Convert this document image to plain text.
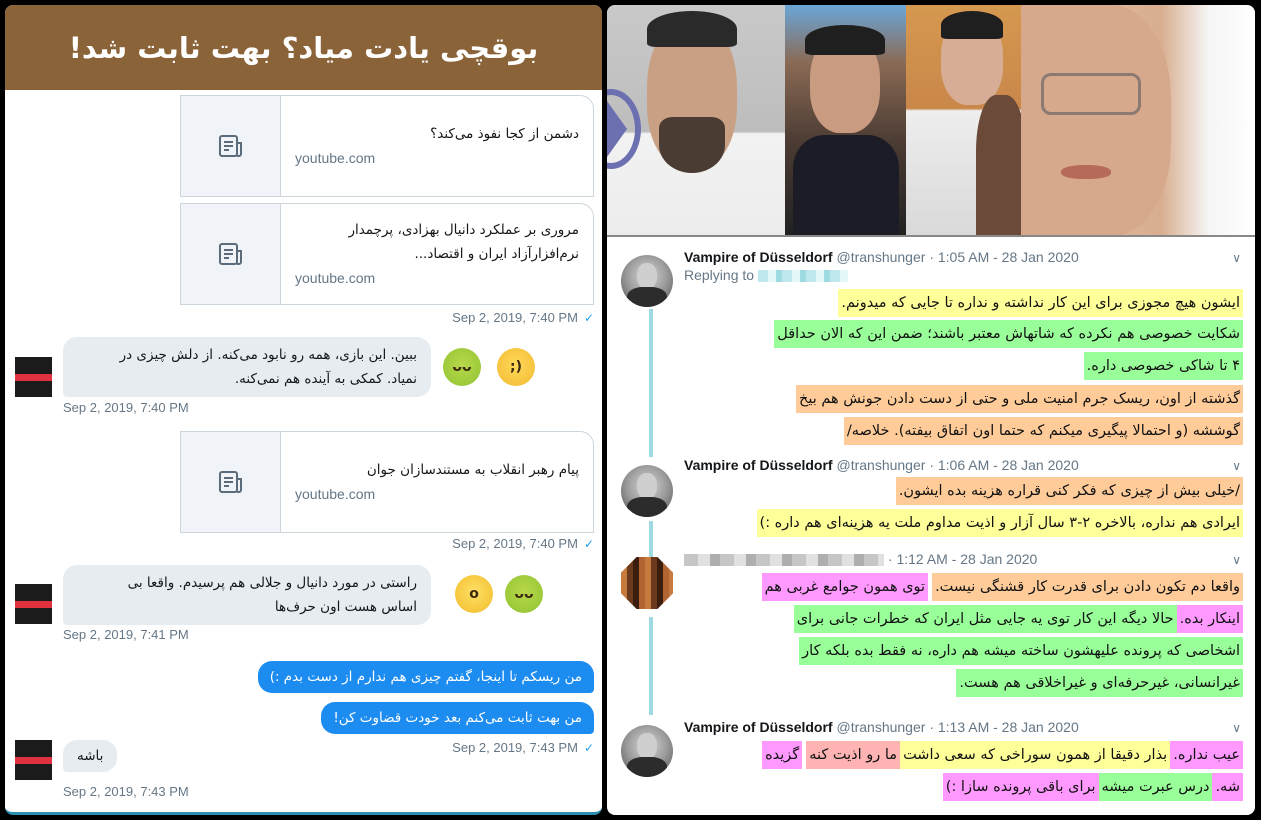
بوقچی یادت میاد؟ بهت ثابت شد!
دشمن از کجا نفوذ می‌کند؟
youtube.com
مروری بر عملکرد دانیال بهزادی، پرچمدار
نرم‌افزارآزاد ایران و اقتصاد...
youtube.com
Sep 2, 2019, 7:40 PM ✓
ببین. این بازی، همه رو نابود می‌کنه. از دلش چیزی در
نمیاد. کمکی به آینده هم نمی‌کنه.
ᴗᴗ	;)
Sep 2, 2019, 7:40 PM
پیام رهبر انقلاب به مستندسازان جوان
youtube.com
Sep 2, 2019, 7:40 PM ✓
راستی در مورد دانیال و جلالی هم پرسیدم. واقعا بی
اساس هست اون حرف‌ها
o	ᴗᴗ
Sep 2, 2019, 7:41 PM
من ریسکم تا اینجا، گفتم چیزی هم ندارم از دست بدم :)
من بهت ثابت می‌کنم بعد خودت قضاوت کن!
Sep 2, 2019, 7:43 PM ✓
باشه
Sep 2, 2019, 7:43 PM
Vampire of Düsseldorf @transhunger · 1:05 AM - 28 Jan 2020	∨
Replying to
ایشون هیچ مجوزی برای این کار نداشته و نداره تا جایی که میدونم.
شکایت خصوصی هم نکرده که شاتهاش معتبر باشند؛ ضمن این که الان حداقل
۴ تا شاکی خصوصی داره.
گذشته از اون، ریسک جرم امنیت ملی و حتی از دست دادن جونش هم بیخ
گوششه (و احتمالا پیگیری میکنم که حتما اون اتفاق بیفته). خلاصه/
Vampire of Düsseldorf @transhunger · 1:06 AM - 28 Jan 2020	∨
/خیلی بیش از چیزی که فکر کنی قراره هزینه بده ایشون.
ایرادی هم نداره، بالاخره ۲-۳ سال آزار و اذیت مداوم ملت یه هزینه‌ای هم داره :)
· 1:12 AM - 28 Jan 2020	∨
واقعا دم تکون دادن برای قدرت کار قشنگی نیست.
توی همون جوامع غربی هم
اینکار بده.
حالا دیگه این کار توی یه جایی مثل ایران که خطرات جانی برای
اشخاصی که پرونده علیهشون ساخته میشه هم داره، نه فقط بده بلکه کار
غیرانسانی، غیرحرفه‌ای و غیراخلاقی هم هست.
Vampire of Düsseldorf @transhunger · 1:13 AM - 28 Jan 2020	∨
عیب نداره.
بذار دقیقا از همون سوراخی که سعی داشت
ما رو اذیت کنه
گزیده
شه.
درس عبرت میشه
برای باقی پرونده سازا :)
